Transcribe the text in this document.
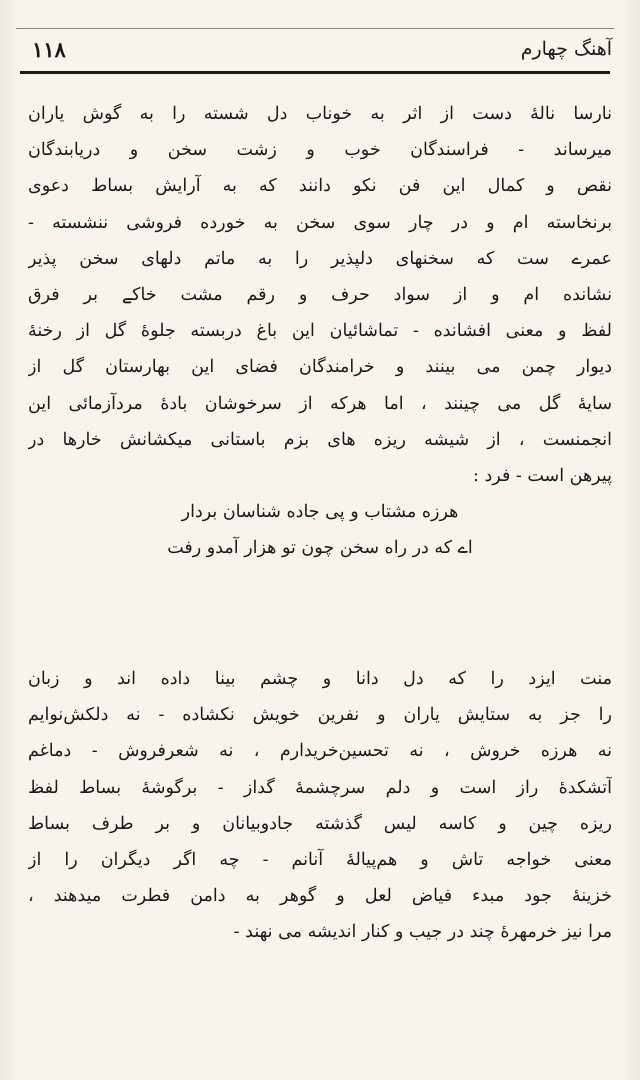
آهنگ چهارم
۱۱۸
نارسا نالهٔ دست از اثر به خوناب دل شسته را به گوش یاران
میرساند - فراسندگان خوب و زشت سخن و دریابندگان
نقص و کمال این فن نکو دانند که به آرایش بساط دعوی
برنخاسته ام و در چار سوی سخن به خورده فروشی ننشسته -
عمرے ست که سخنهای دلپذیر را به ماتم دلهای سخن پذیر
نشانده ام و از سواد حرف و رقم مشت خاکے بر فرق
لفظ و معنی افشانده - تماشائیان این باغ دربسته جلوهٔ گل از رخنهٔ
دیوار چمن می بینند و خرامندگان فضای این بهارستان گل از
سایهٔ گل می چینند ، اما هرکه از سرخوشان بادهٔ مردآزمائی این
انجمنست ، از شیشه ریزه های بزم باستانی میکشانش خارها در
پیرهن است - فرد :
هرزه مشتاب و پی جاده شناسان بردار
اے که در راه سخن چون تو هزار آمدو رفت
منت ایزد را که دل دانا و چشم بینا داده اند و زبان
را جز به ستایش یاران و نفرین خویش نکشاده - نه دلکش‌نوایم
نه هرزه خروش ، نه تحسین‌خریدارم ، نه شعرفروش - دماغم
آتشکدهٔ راز است و دلم سرچشمهٔ گداز - برگوشهٔ بساط لفظ
ریزه چین و کاسه لیس گذشته جادوبیانان و بر طرف بساط
معنی خواجه تاش و هم‌پیالهٔ آنانم - چه اگر دیگران را از
خزینهٔ جود مبدء فیاض لعل و گوهر به دامن فطرت میدهند ،
مرا نیز خرمهرهٔ چند در جیب و کنار اندیشه می نهند -
